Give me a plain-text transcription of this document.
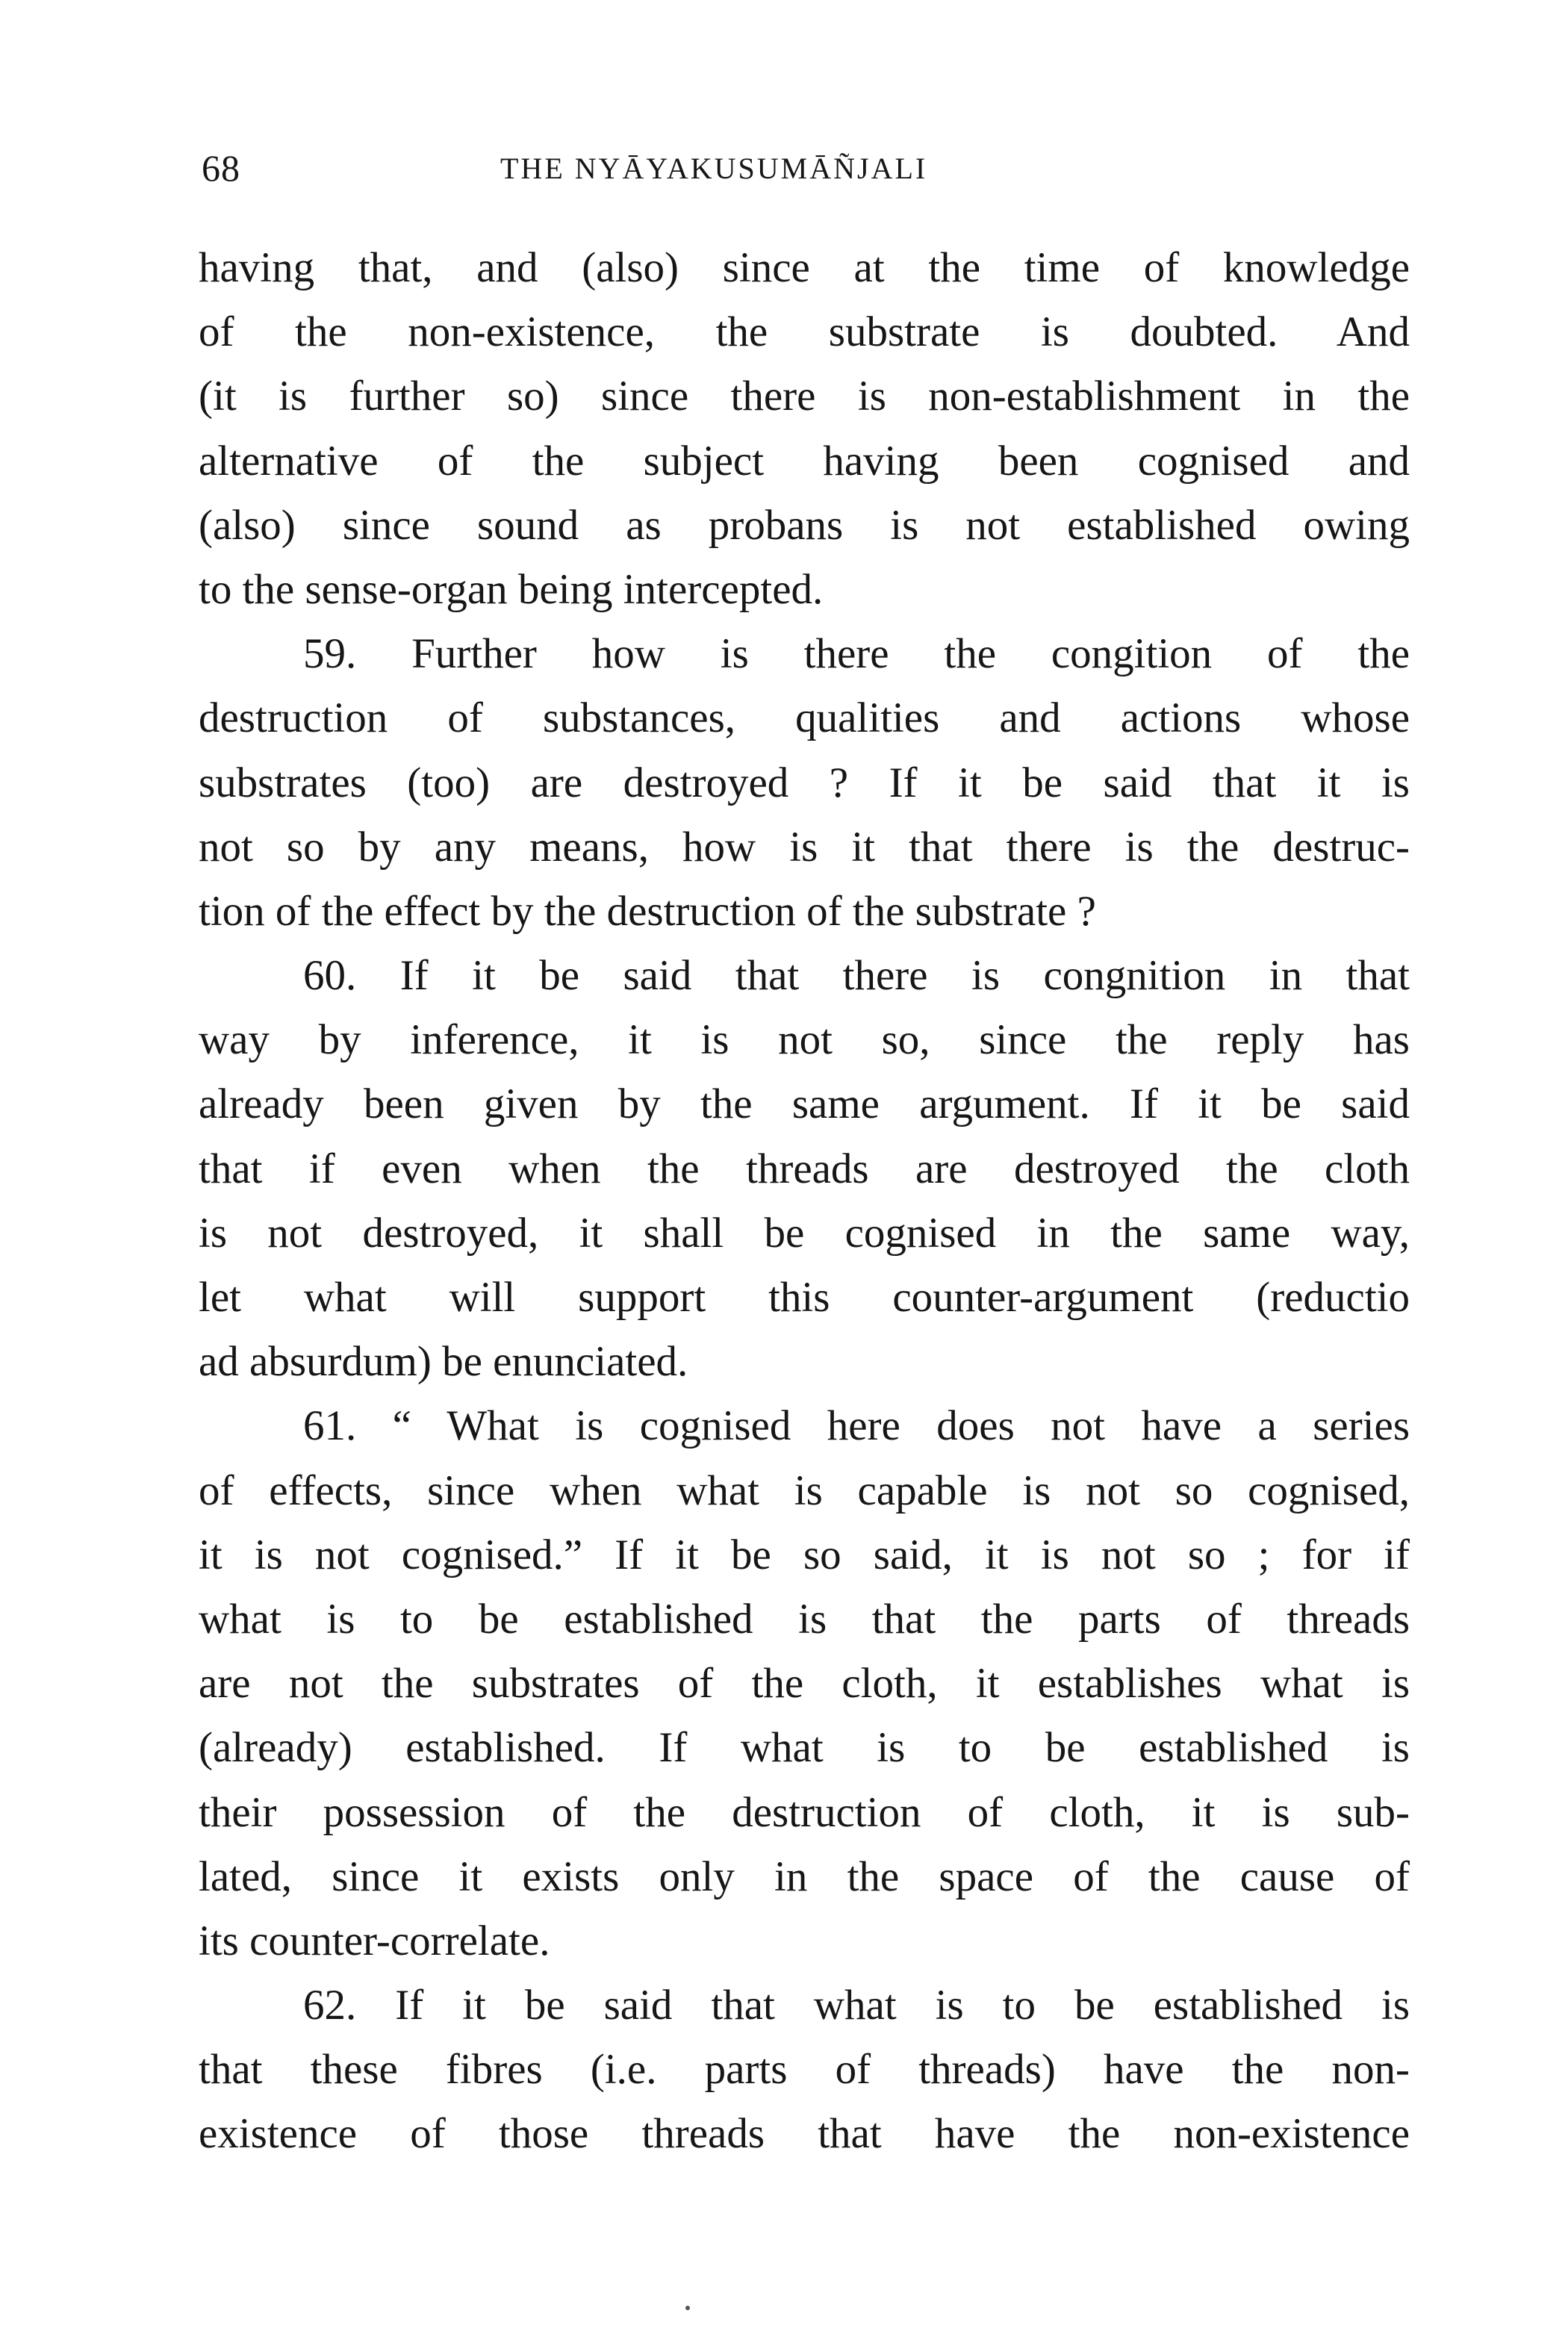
68	THE NYĀYAKUSUMĀÑJALI
having that, and (also) since at the time of knowledge
of the non-existence, the substrate is doubted. And
(it is further so) since there is non-establishment in the
alternative of the subject having been cognised and
(also) since sound as probans is not established owing
to the sense-organ being intercepted.
59. Further how is there the congition of the
destruction of substances, qualities and actions whose
substrates (too) are destroyed ? If it be said that it is
not so by any means, how is it that there is the destruc-
tion of the effect by the destruction of the substrate ?
60. If it be said that there is congnition in that
way by inference, it is not so, since the reply has
already been given by the same argument. If it be said
that if even when the threads are destroyed the cloth
is not destroyed, it shall be cognised in the same way,
let what will support this counter-argument (reductio
ad absurdum) be enunciated.
61. “ What is cognised here does not have a series
of effects, since when what is capable is not so cognised,
it is not cognised.” If it be so said, it is not so ; for if
what is to be established is that the parts of threads
are not the substrates of the cloth, it establishes what is
(already) established. If what is to be established is
their possession of the destruction of cloth, it is sub-
lated, since it exists only in the space of the cause of
its counter-correlate.
62. If it be said that what is to be established is
that these fibres (i.e. parts of threads) have the non-
existence of those threads that have the non-existence
